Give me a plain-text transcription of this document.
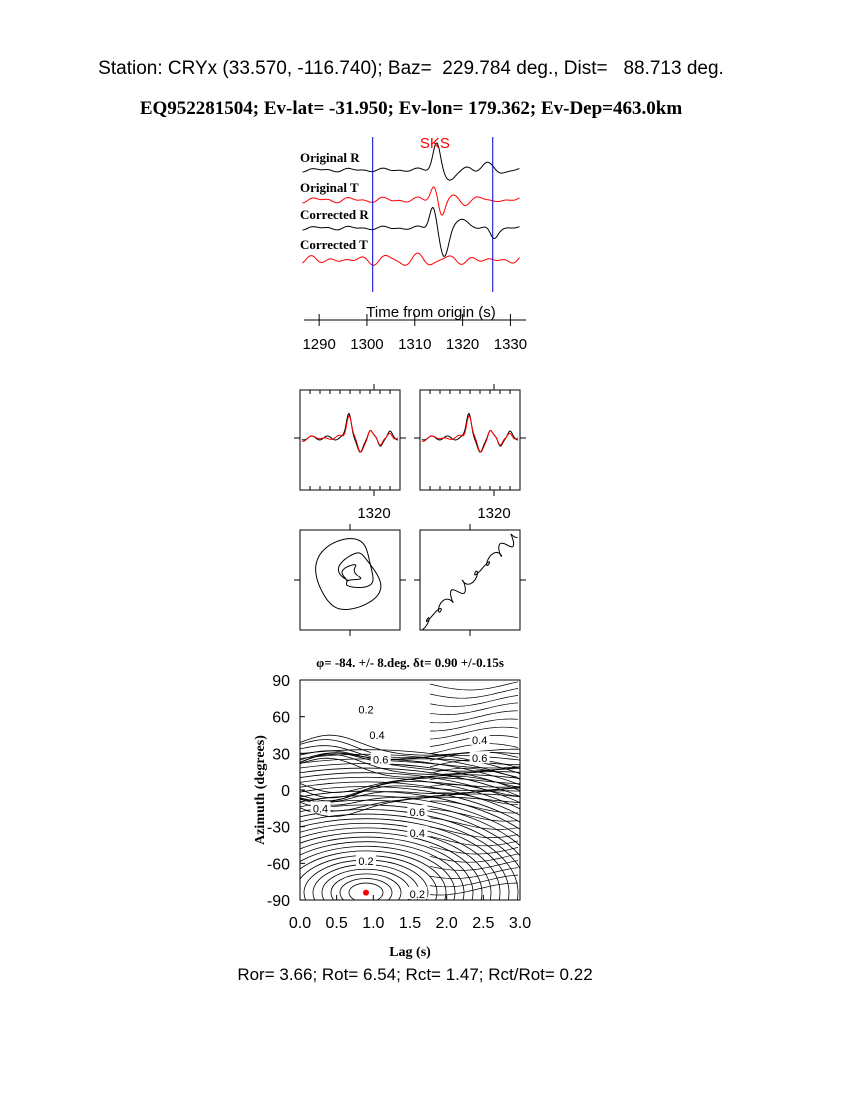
Station: CRYx (33.570, -116.740); Baz=  229.784 deg., Dist=   88.713 deg.
EQ952281504; Ev-lat= -31.950; Ev-lon= 179.362; Ev-Dep=463.0km
SKS
Original R
Original T
Corrected R
Corrected T
1290 1300 1310 1320 1330
Time from origin (s)
1320	1320
φ= -84. +/- 8.deg. δt= 0.90 +/-0.15s
0.0 0.5 1.0 1.5 2.0 2.5 3.0
90
60
30
0
-30
-60
-90
0.2
0.4
0.6
0.4
0.6
0.4	0.6
0.4
0.2
0.2
Lag (s)
Azimuth (degrees)
Ror= 3.66; Rot= 6.54; Rct= 1.47; Rct/Rot= 0.22
